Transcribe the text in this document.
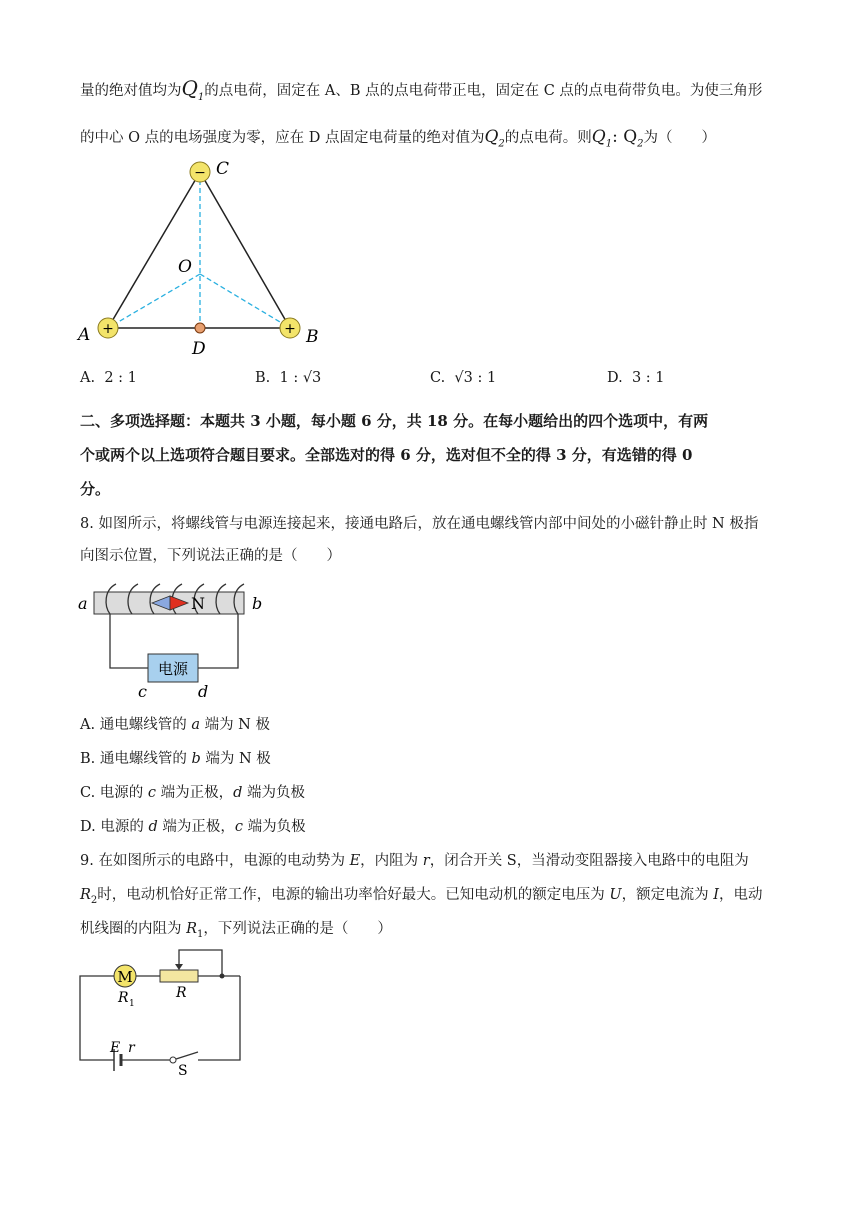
量的绝对值均为$Q_1$的点电荷，固定在 A、B 点的点电荷带正电，固定在 C 点的点电荷带负电。为使三角形
的中心 O 点的电场强度为零，应在 D 点固定电荷量的绝对值为$Q_2$的点电荷。则$Q_1$: $Q_2$为（　　）
−
+	+
C
O
A	B
D
A. 2 : 1	B. 1 : √3	C. √3 : 1	D. 3 : 1
二、多项选择题：本题共 3 小题，每小题 6 分，共 18 分。在每小题给出的四个选项中，有两
个或两个以上选项符合题目要求。全部选对的得 6 分，选对但不全的得 3 分，有选错的得 0
分。
8. 如图所示，将螺线管与电源连接起来，接通电路后，放在通电螺线管内部中间处的小磁针静止时 N 极指
向图示位置，下列说法正确的是（　　）
N
a	b
电源
c	d
A. 通电螺线管的 a 端为 N 极
B. 通电螺线管的 b 端为 N 极
C. 电源的 c 端为正极，d 端为负极
D. 电源的 d 端为正极，c 端为负极
9. 在如图所示的电路中，电源的电动势为 E，内阻为 r，闭合开关 S，当滑动变阻器接入电路中的电阻为
$R_2$时，电动机恰好正常工作，电源的输出功率恰好最大。已知电动机的额定电压为 U，额定电流为 I，电动
机线圈的内阻为 $R_1$，下列说法正确的是（　　）
M
R 1
R
E r
S
